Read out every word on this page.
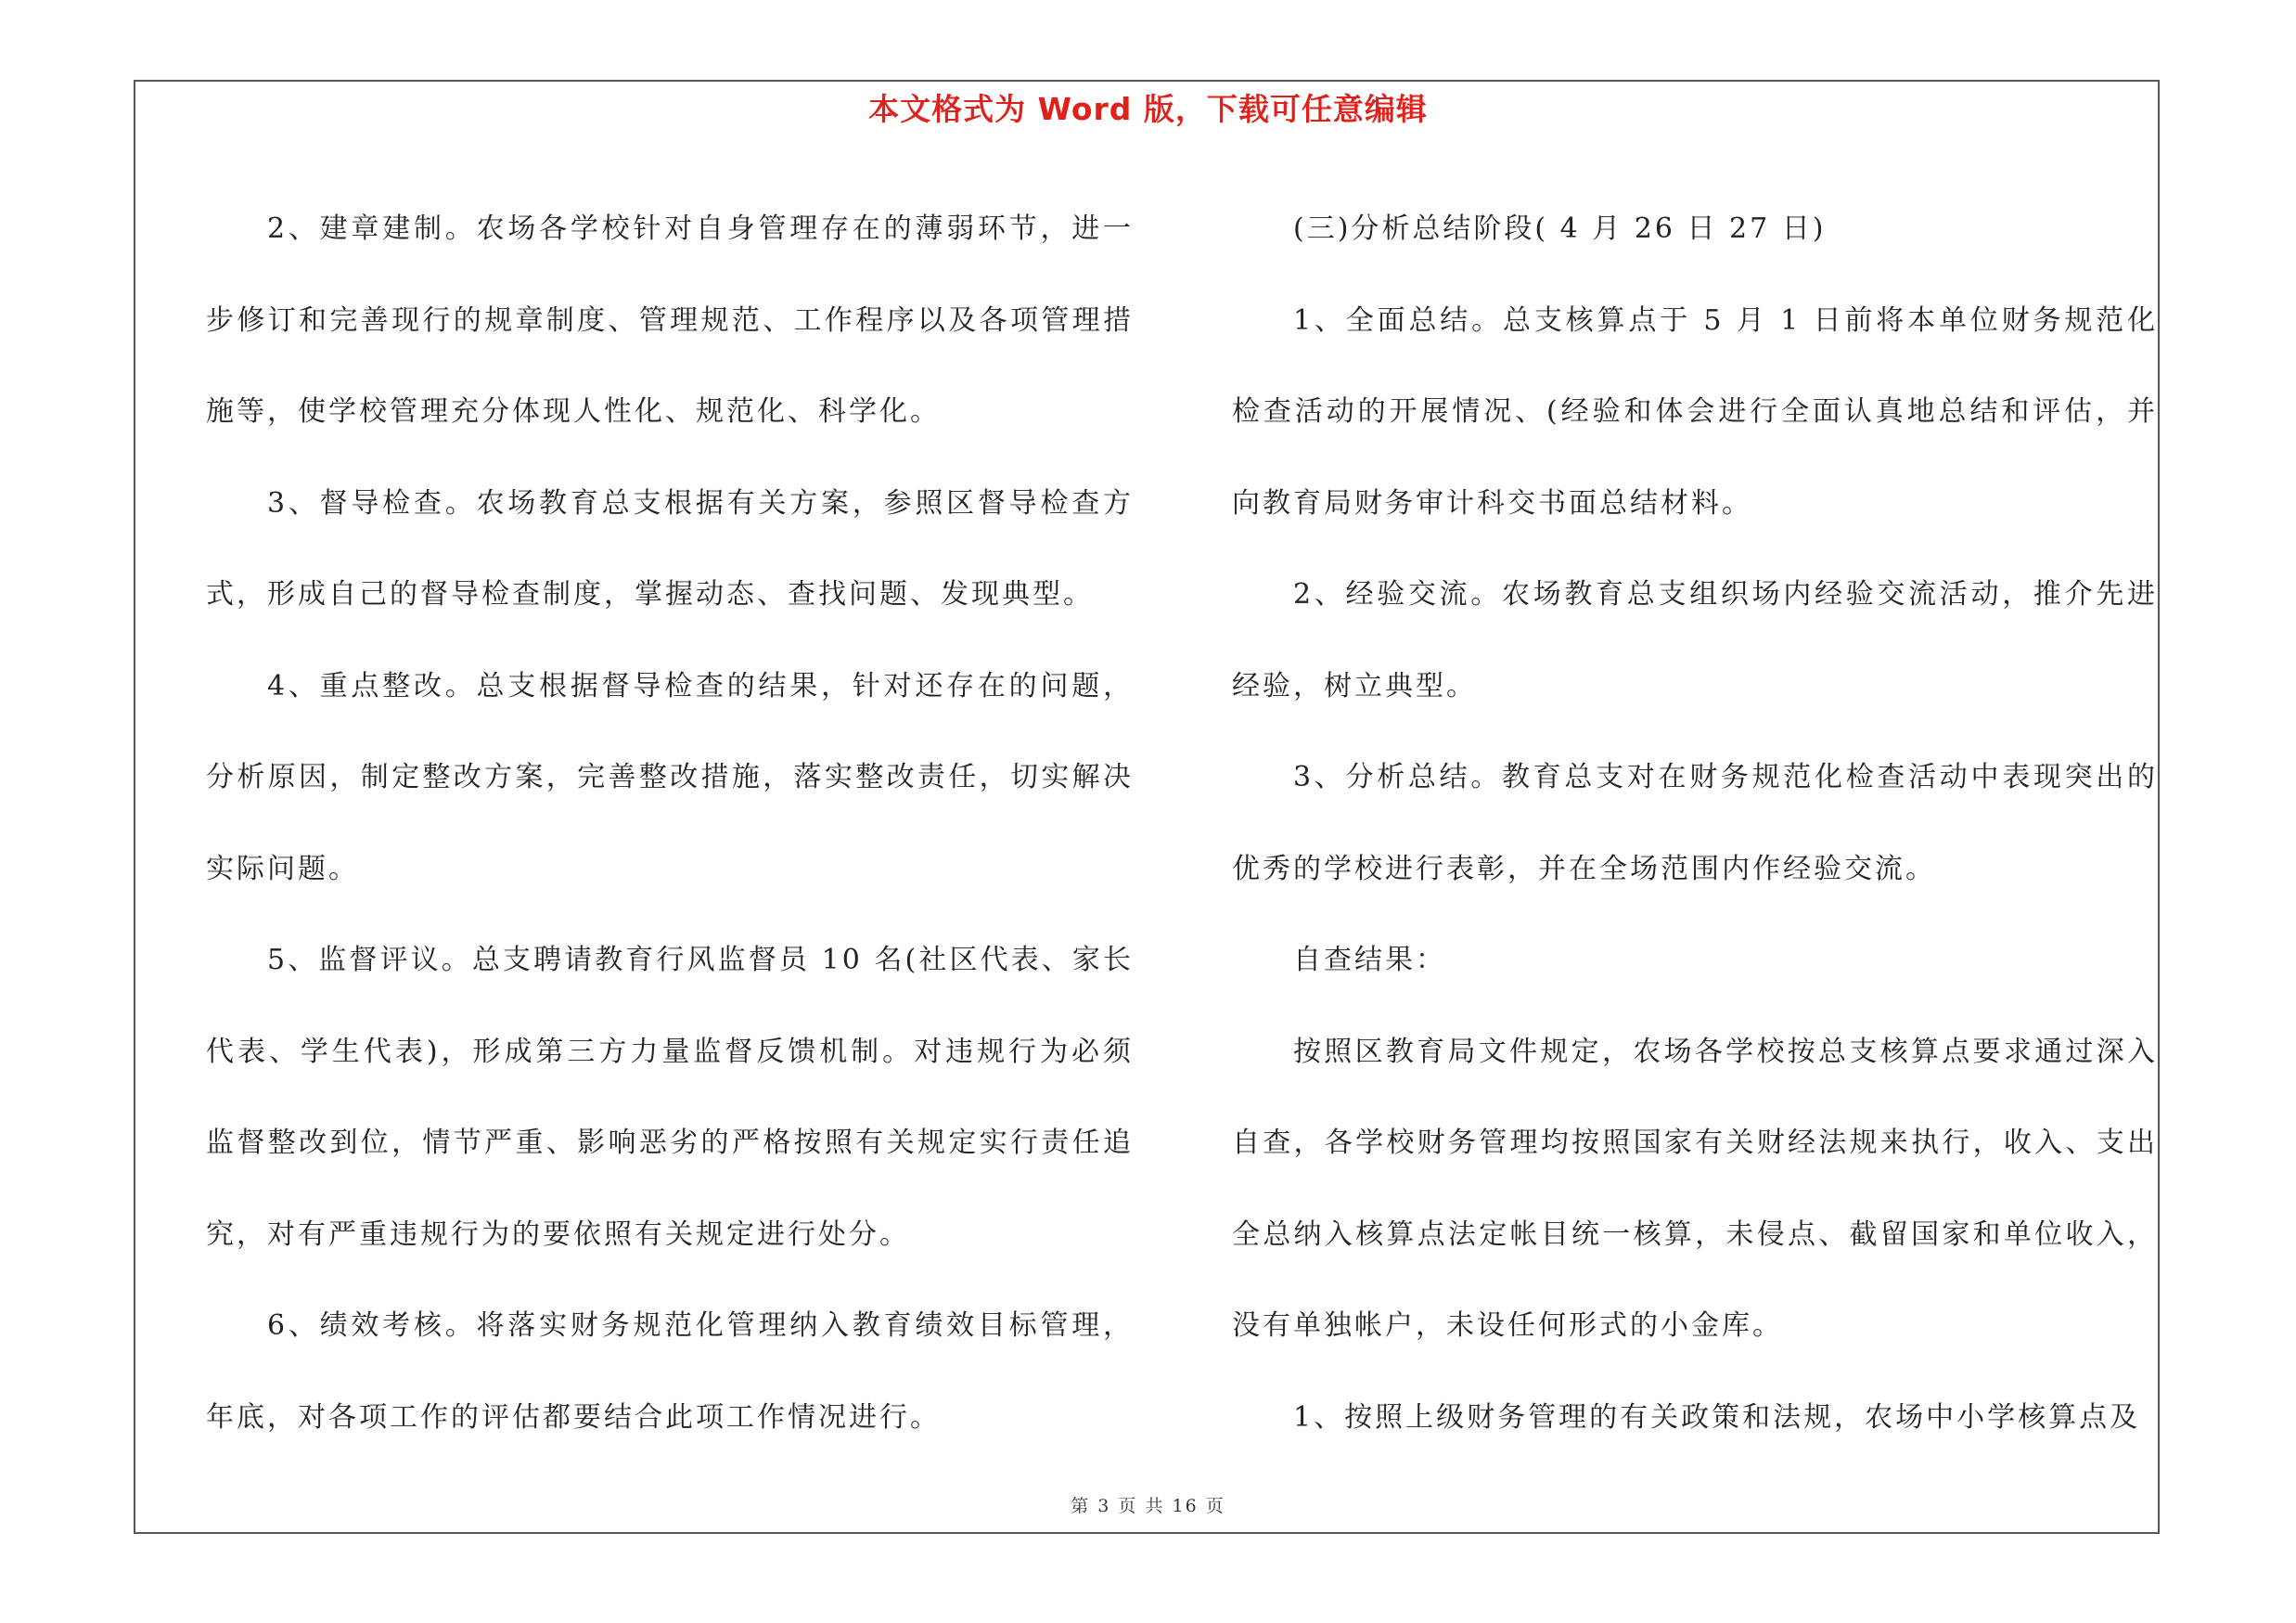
本文格式为 Word 版，下载可任意编辑

2、建章建制。农场各学校针对自身管理存在的薄弱环节，进一步修订和完善现行的规章制度、管理规范、工作程序以及各项管理措施等，使学校管理充分体现人性化、规范化、科学化。

3、督导检查。农场教育总支根据有关方案，参照区督导检查方式，形成自己的督导检查制度，掌握动态、查找问题、发现典型。

4、重点整改。总支根据督导检查的结果，针对还存在的问题，分析原因，制定整改方案，完善整改措施，落实整改责任，切实解决实际问题。

5、监督评议。总支聘请教育行风监督员 10 名(社区代表、家长代表、学生代表)，形成第三方力量监督反馈机制。对违规行为必须监督整改到位，情节严重、影响恶劣的严格按照有关规定实行责任追究，对有严重违规行为的要依照有关规定进行处分。

6、绩效考核。将落实财务规范化管理纳入教育绩效目标管理，年底，对各项工作的评估都要结合此项工作情况进行。

(三)分析总结阶段( 4 月 26 日 27 日)

1、全面总结。总支核算点于 5 月 1 日前将本单位财务规范化检查活动的开展情况、(经验和体会进行全面认真地总结和评估，并向教育局财务审计科交书面总结材料。

2、经验交流。农场教育总支组织场内经验交流活动，推介先进经验，树立典型。

3、分析总结。教育总支对在财务规范化检查活动中表现突出的优秀的学校进行表彰，并在全场范围内作经验交流。

自查结果：

按照区教育局文件规定，农场各学校按总支核算点要求通过深入自查，各学校财务管理均按照国家有关财经法规来执行，收入、支出全总纳入核算点法定帐目统一核算，未侵点、截留国家和单位收入，没有单独帐户，未设任何形式的小金库。

1、按照上级财务管理的有关政策和法规，农场中小学核算点及

第 3 页 共 16 页
